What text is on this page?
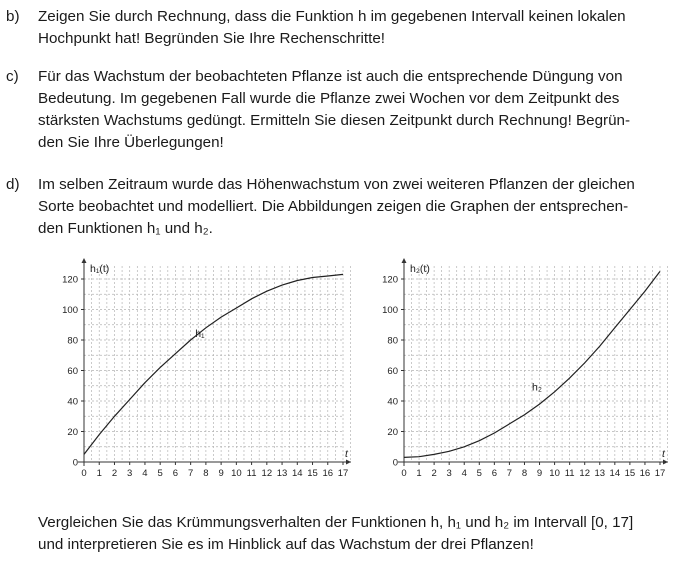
b) Zeigen Sie durch Rechnung, dass die Funktion h im gegebenen Intervall keinen lokalen
Hochpunkt hat! Begründen Sie Ihre Rechenschritte!
c) Für das Wachstum der beobachteten Pflanze ist auch die entsprechende Düngung von
Bedeutung. Im gegebenen Fall wurde die Pflanze zwei Wochen vor dem Zeitpunkt des
stärksten Wachstums gedüngt. Ermitteln Sie diesen Zeitpunkt durch Rechnung! Begrün-
den Sie Ihre Überlegungen!
d) Im selben Zeitraum wurde das Höhenwachstum von zwei weiteren Pflanzen der gleichen
Sorte beobachtet und modelliert. Die Abbildungen zeigen die Graphen der entsprechen-
den Funktionen h₁ und h₂.
0 1 2 3 4 5 6 7 8 9 10 11 12 13 14 15 16 17
0
20
40
60
80
100
120
h₁(t)
t
h₁
0 1 2 3 4 5 6 7 8 9 10 11 12 13 14 15 16 17
0
20
40
60
80
100
120
h₂(t)
t
h₂
Vergleichen Sie das Krümmungsverhalten der Funktionen h, h₁ und h₂ im Intervall [0, 17]
und interpretieren Sie es im Hinblick auf das Wachstum der drei Pflanzen!
